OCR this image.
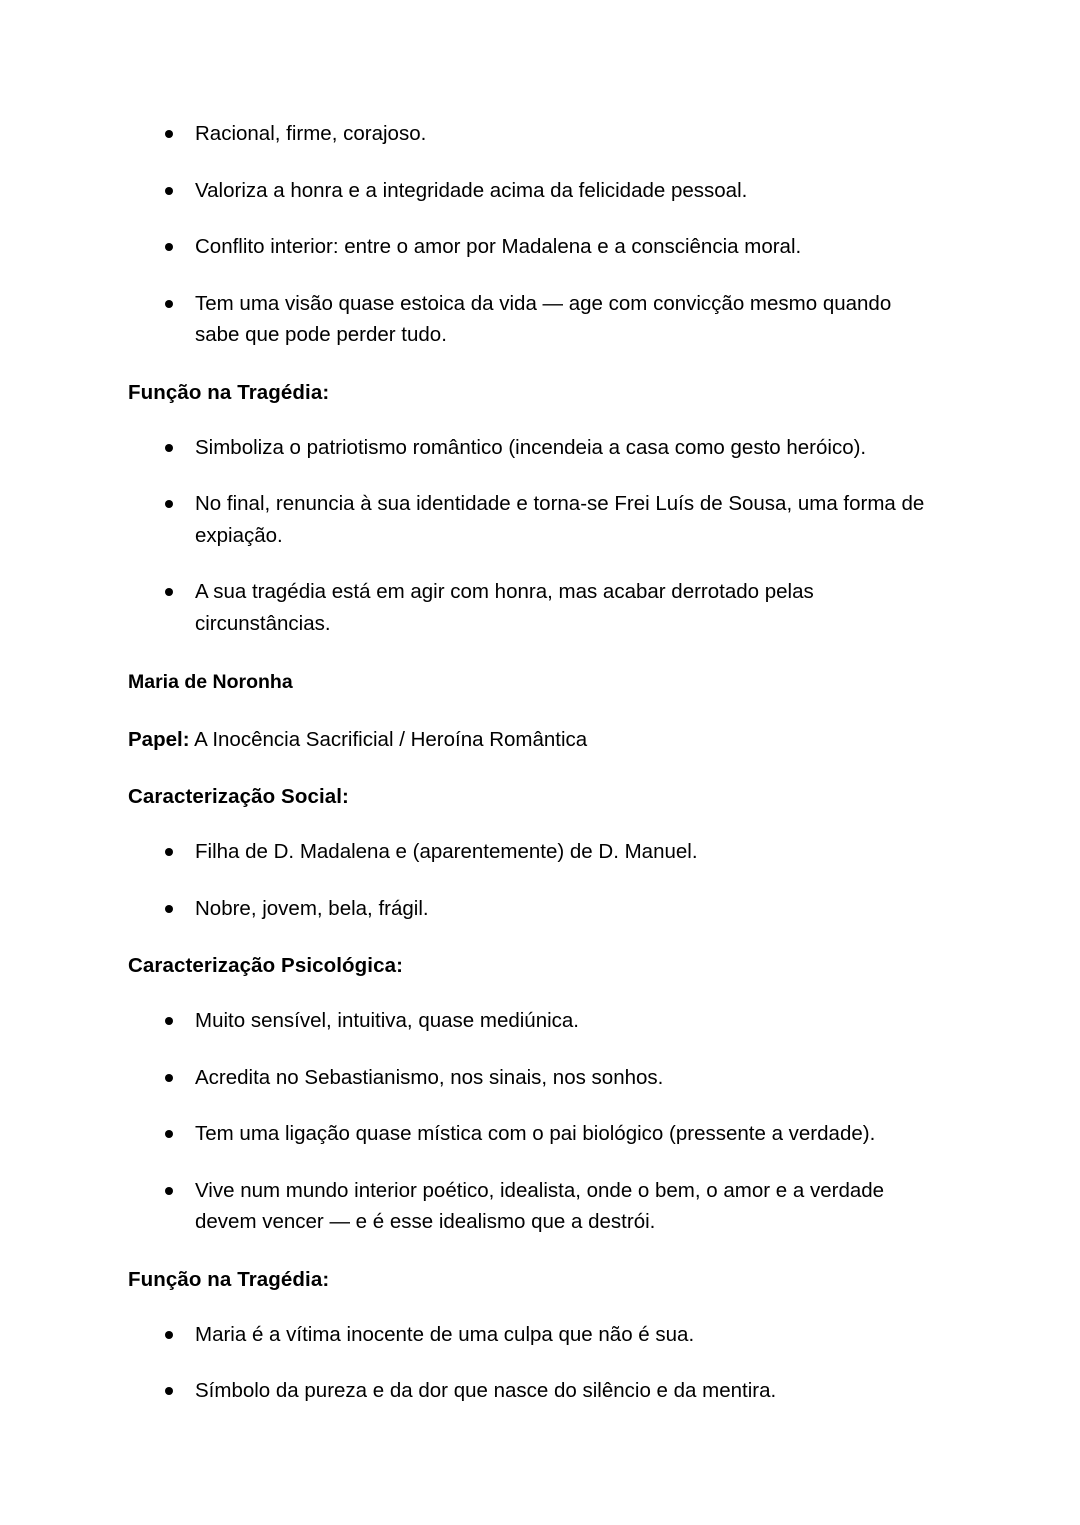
Racional, firme, corajoso.
Valoriza a honra e a integridade acima da felicidade pessoal.
Conflito interior: entre o amor por Madalena e a consciência moral.
Tem uma visão quase estoica da vida — age com convicção mesmo quando sabe que pode perder tudo.

Função na Tragédia:

Simboliza o patriotismo romântico (incendeia a casa como gesto heróico).
No final, renuncia à sua identidade e torna-se Frei Luís de Sousa, uma forma de expiação.
A sua tragédia está em agir com honra, mas acabar derrotado pelas circunstâncias.

Maria de Noronha

Papel: A Inocência Sacrificial / Heroína Romântica

Caracterização Social:

Filha de D. Madalena e (aparentemente) de D. Manuel.
Nobre, jovem, bela, frágil.

Caracterização Psicológica:

Muito sensível, intuitiva, quase mediúnica.
Acredita no Sebastianismo, nos sinais, nos sonhos.
Tem uma ligação quase mística com o pai biológico (pressente a verdade).
Vive num mundo interior poético, idealista, onde o bem, o amor e a verdade devem vencer — e é esse idealismo que a destrói.

Função na Tragédia:

Maria é a vítima inocente de uma culpa que não é sua.
Símbolo da pureza e da dor que nasce do silêncio e da mentira.
